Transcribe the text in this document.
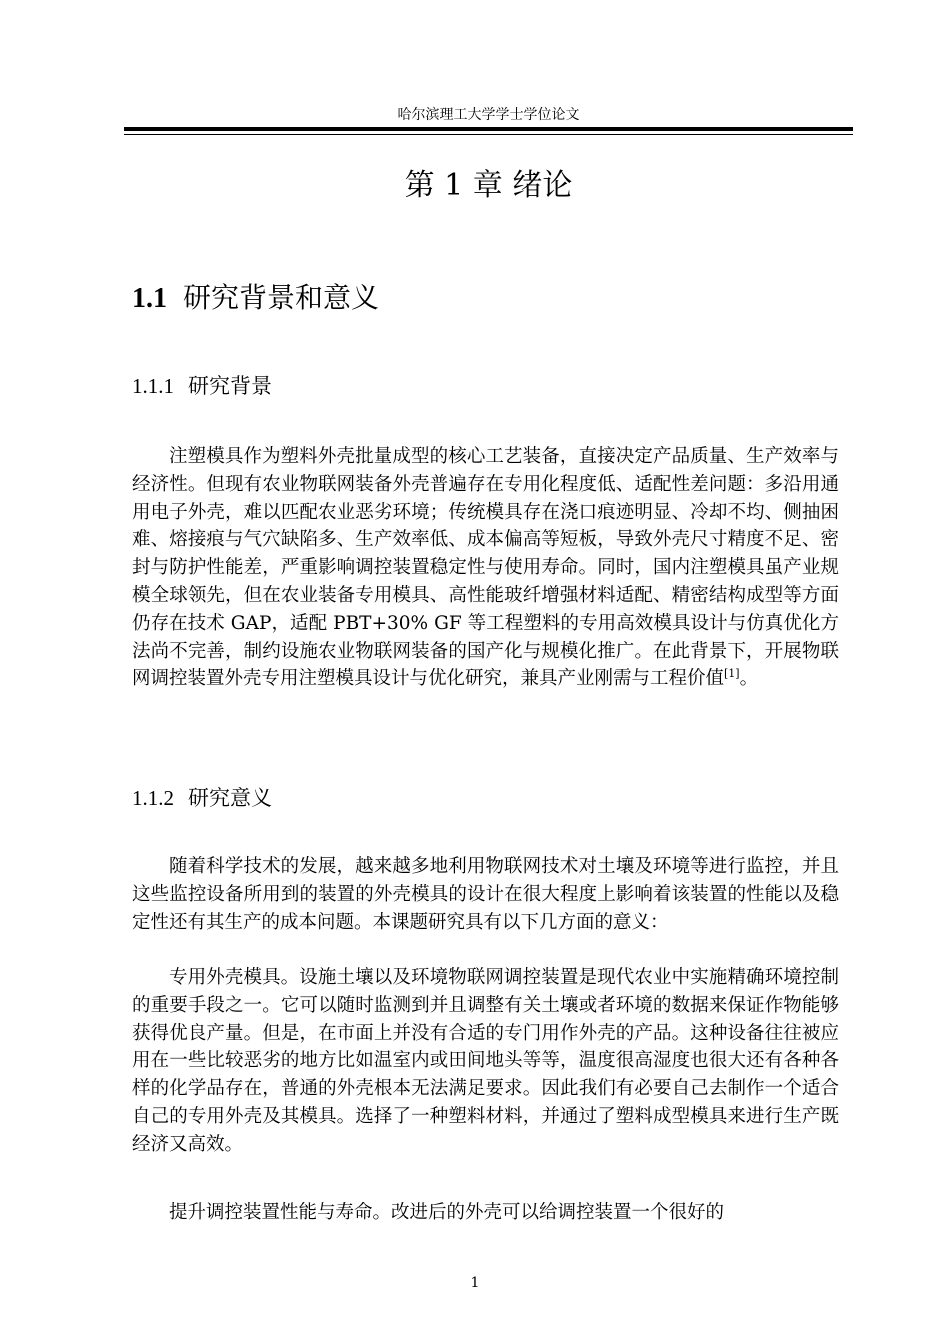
哈尔滨理工大学学士学位论文
第 1 章 绪论
1.1 研究背景和意义
1.1.1 研究背景
注塑模具作为塑料外壳批量成型的核心工艺装备，直接决定产品质量、生产效率与经济性。但现有农业物联网装备外壳普遍存在专用化程度低、适配性差问题：多沿用通用电子外壳，难以匹配农业恶劣环境；传统模具存在浇口痕迹明显、冷却不均、侧抽困难、熔接痕与气穴缺陷多、生产效率低、成本偏高等短板，导致外壳尺寸精度不足、密封与防护性能差，严重影响调控装置稳定性与使用寿命。同时，国内注塑模具虽产业规模全球领先，但在农业装备专用模具、高性能玻纤增强材料适配、精密结构成型等方面仍存在技术 GAP，适配 PBT+30% GF 等工程塑料的专用高效模具设计与仿真优化方法尚不完善，制约设施农业物联网装备的国产化与规模化推广。在此背景下，开展物联网调控装置外壳专用注塑模具设计与优化研究，兼具产业刚需与工程价值[1]。
1.1.2 研究意义
随着科学技术的发展，越来越多地利用物联网技术对土壤及环境等进行监控，并且这些监控设备所用到的装置的外壳模具的设计在很大程度上影响着该装置的性能以及稳定性还有其生产的成本问题。本课题研究具有以下几方面的意义：
专用外壳模具。设施土壤以及环境物联网调控装置是现代农业中实施精确环境控制的重要手段之一。它可以随时监测到并且调整有关土壤或者环境的数据来保证作物能够获得优良产量。但是，在市面上并没有合适的专门用作外壳的产品。这种设备往往被应用在一些比较恶劣的地方比如温室内或田间地头等等，温度很高湿度也很大还有各种各样的化学品存在，普通的外壳根本无法满足要求。因此我们有必要自己去制作一个适合自己的专用外壳及其模具。选择了一种塑料材料，并通过了塑料成型模具来进行生产既经济又高效。
提升调控装置性能与寿命。改进后的外壳可以给调控装置一个很好的
1
